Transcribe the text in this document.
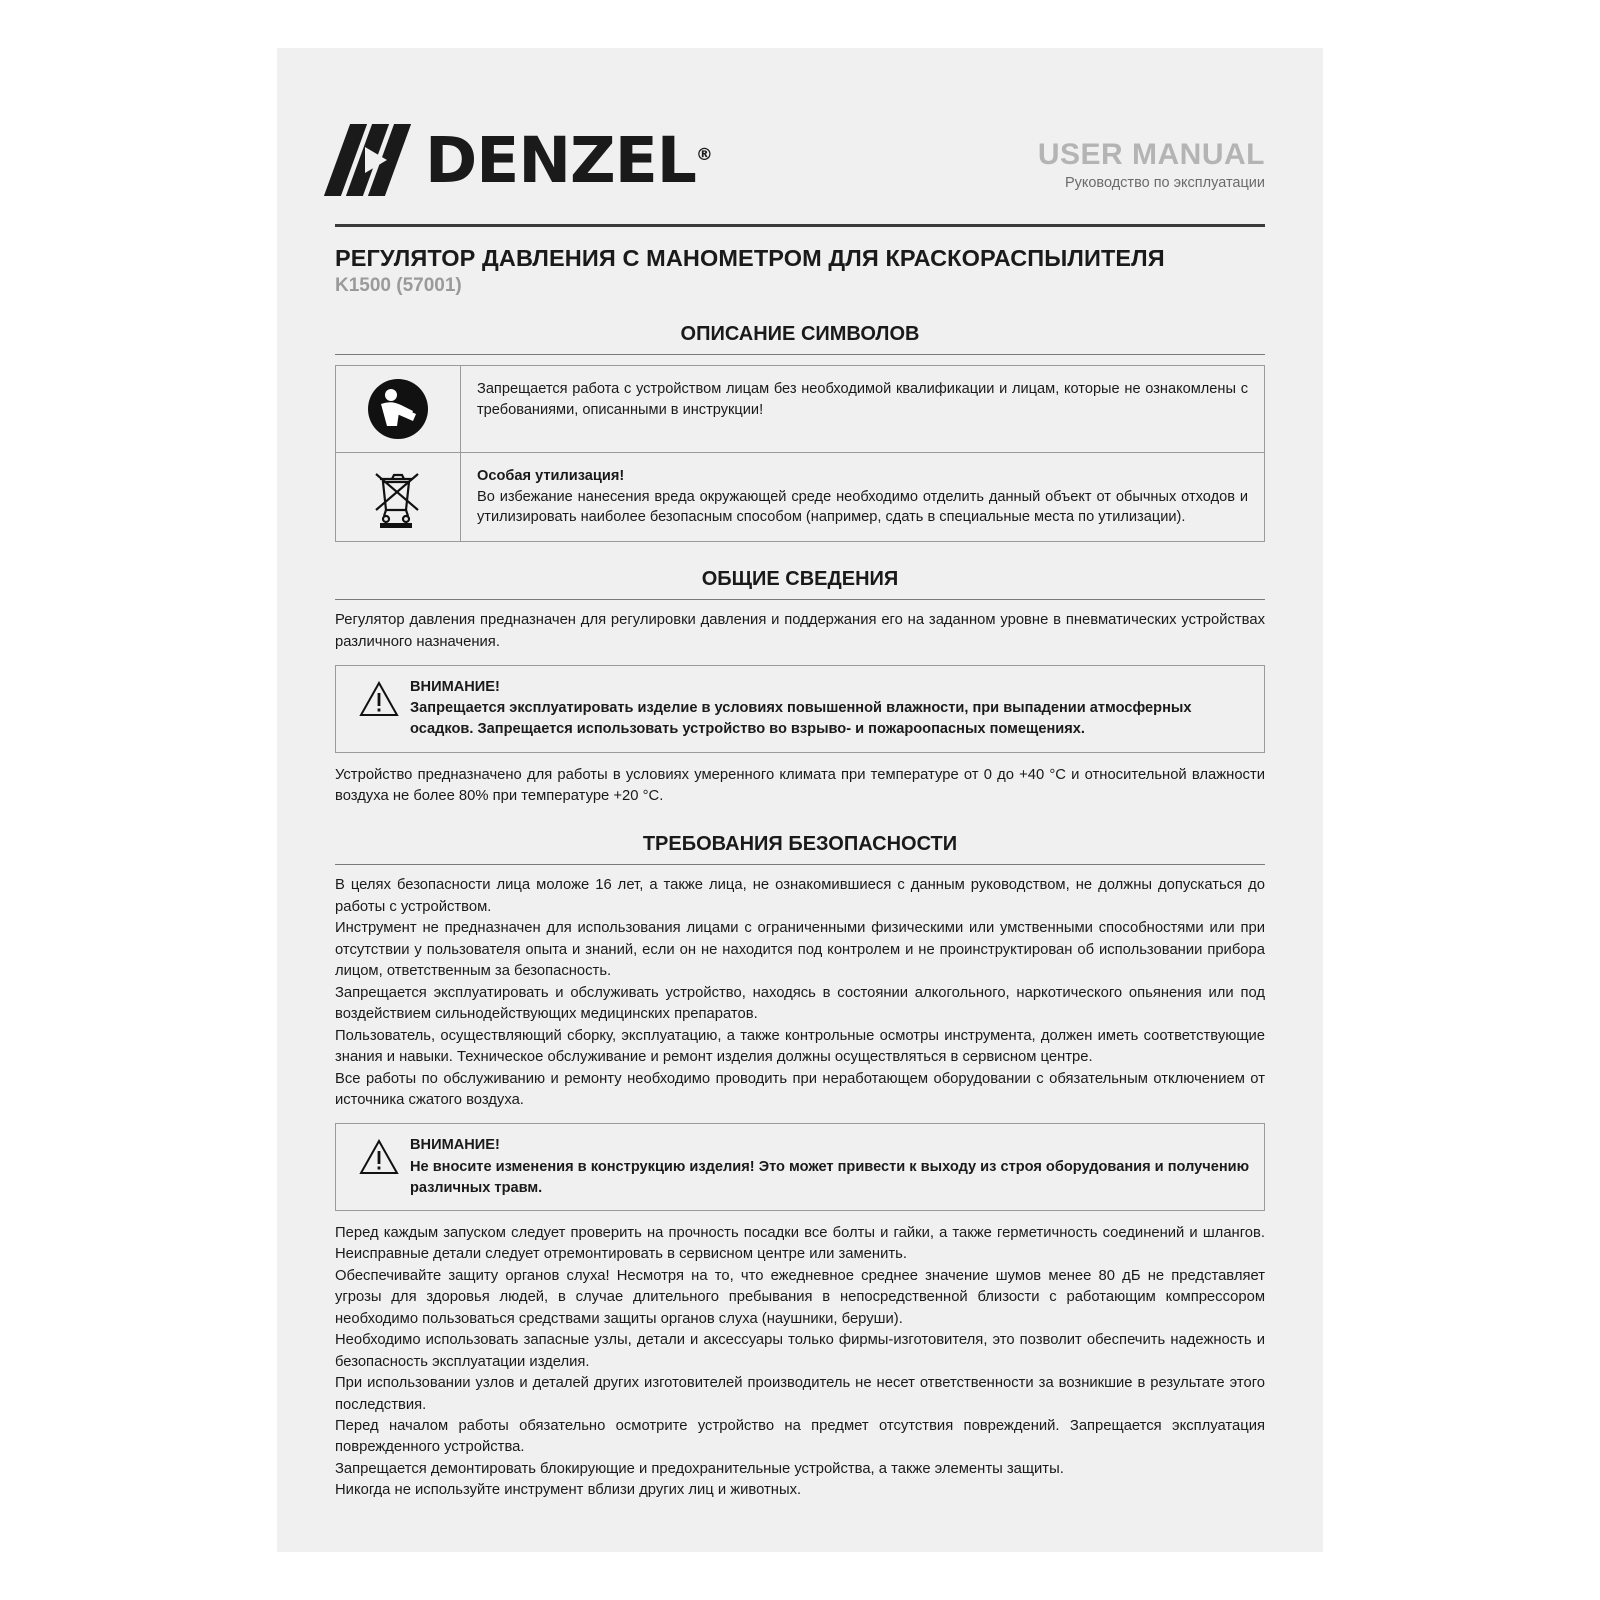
DENZEL®	USER MANUAL
Руководство по эксплуатации
РЕГУЛЯТОР ДАВЛЕНИЯ С МАНОМЕТРОМ ДЛЯ КРАСКОРАСПЫЛИТЕЛЯ
K1500 (57001)
ОПИСАНИЕ СИМВОЛОВ
Запрещается работа с устройством лицам без необходимой квалификации и лицам, которые не ознакомлены с требованиями, описанными в инструкции!
Особая утилизация!
Во избежание нанесения вреда окружающей среде необходимо отделить данный объект от обычных отходов и утилизировать наиболее безопасным способом (например, сдать в специальные места по утилизации).
ОБЩИЕ СВЕДЕНИЯ
Регулятор давления предназначен для регулировки давления и поддержания его на заданном уровне в пневматических устройствах различного назначения.
ВНИМАНИЕ!
Запрещается эксплуатировать изделие в условиях повышенной влажности, при выпадении атмосферных осадков. Запрещается использовать устройство во взрыво- и пожароопасных помещениях.
Устройство предназначено для работы в условиях умеренного климата при температуре от 0 до +40 °C и относительной влажности воздуха не более 80% при температуре +20 °C.
ТРЕБОВАНИЯ БЕЗОПАСНОСТИ
В целях безопасности лица моложе 16 лет, а также лица, не ознакомившиеся с данным руководством, не должны допускаться до работы с устройством.
Инструмент не предназначен для использования лицами с ограниченными физическими или умственными способностями или при отсутствии у пользователя опыта и знаний, если он не находится под контролем и не проинструктирован об использовании прибора лицом, ответственным за безопасность.
Запрещается эксплуатировать и обслуживать устройство, находясь в состоянии алкогольного, наркотического опьянения или под воздействием сильнодействующих медицинских препаратов.
Пользователь, осуществляющий сборку, эксплуатацию, а также контрольные осмотры инструмента, должен иметь соответствующие знания и навыки. Техническое обслуживание и ремонт изделия должны осуществляться в сервисном центре.
Все работы по обслуживанию и ремонту необходимо проводить при неработающем оборудовании с обязательным отключением от источника сжатого воздуха.
ВНИМАНИЕ!
Не вносите изменения в конструкцию изделия! Это может привести к выходу из строя оборудования и получению различных травм.
Перед каждым запуском следует проверить на прочность посадки все болты и гайки, а также герметичность соединений и шлангов. Неисправные детали следует отремонтировать в сервисном центре или заменить.
Обеспечивайте защиту органов слуха! Несмотря на то, что ежедневное среднее значение шумов менее 80 дБ не представляет угрозы для здоровья людей, в случае длительного пребывания в непосредственной близости с работающим компрессором необходимо пользоваться средствами защиты органов слуха (наушники, беруши).
Необходимо использовать запасные узлы, детали и аксессуары только фирмы-изготовителя, это позволит обеспечить надежность и безопасность эксплуатации изделия.
При использовании узлов и деталей других изготовителей производитель не несет ответственности за возникшие в результате этого последствия.
Перед началом работы обязательно осмотрите устройство на предмет отсутствия повреждений. Запрещается эксплуатация поврежденного устройства.
Запрещается демонтировать блокирующие и предохранительные устройства, а также элементы защиты.
Никогда не используйте инструмент вблизи других лиц и животных.
